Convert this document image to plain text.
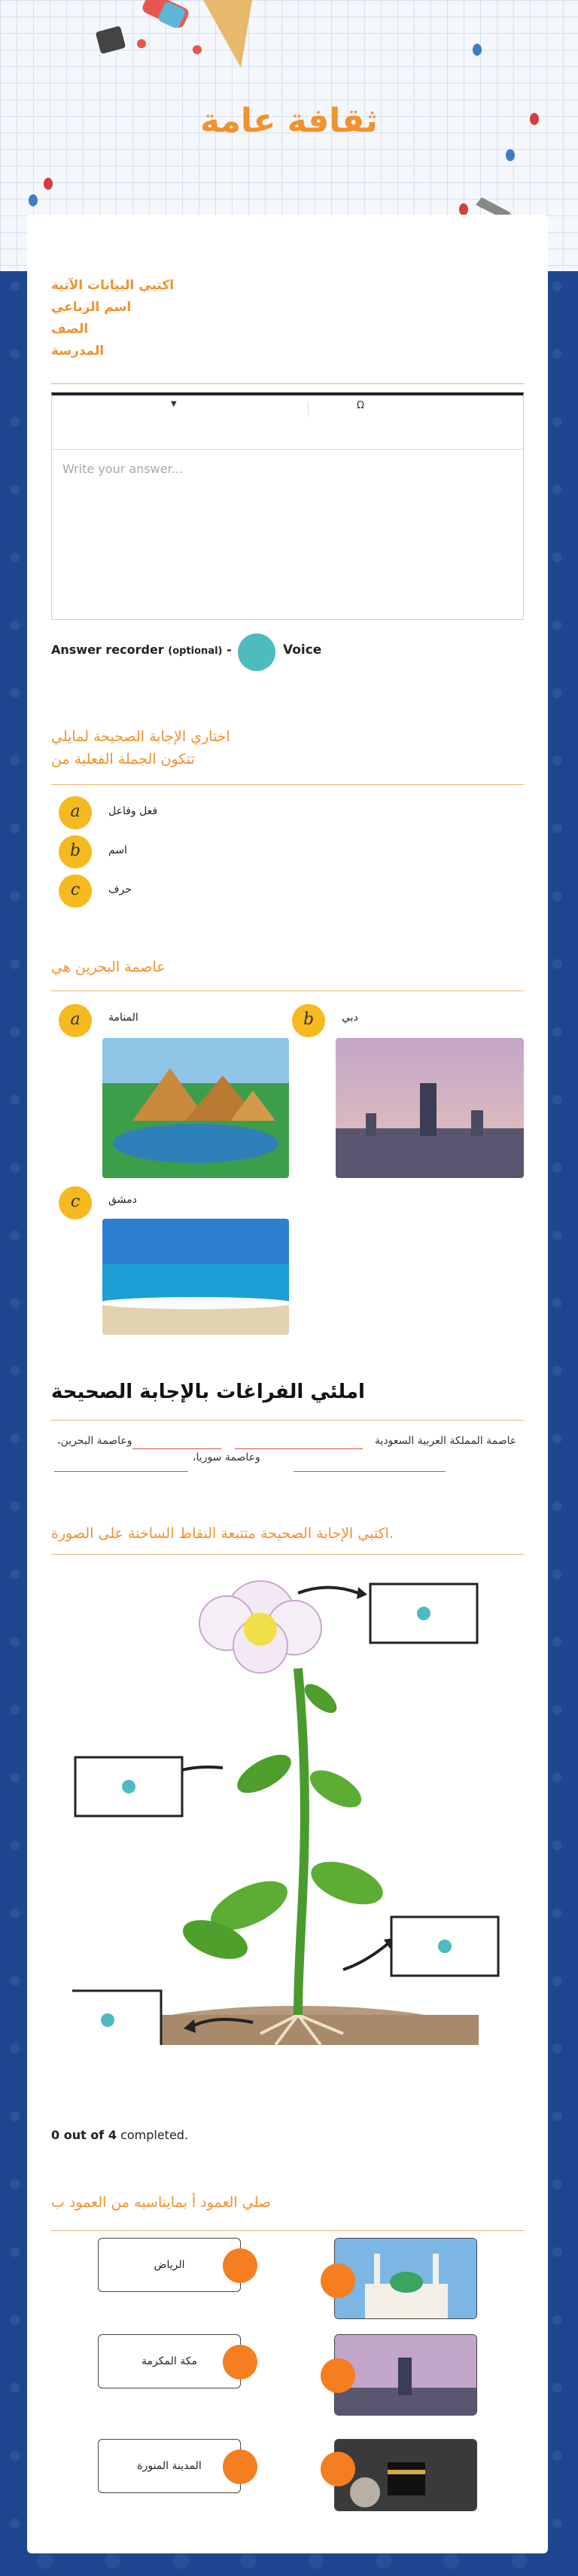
ثقافة عامة
اكتبي البيانات الآتية
اسم الرباعي
الصف
المدرسة
▼	Ω
Write your answer...
Answer recorder (optional) -	Voice
اختاري الإجابة الصحيحة لمايلي
تتكون الجملة الفعلية من
a	فعل وفاعل
b	اسم
c	حرف
عاصمة البحرين هي
a	المنامة	b	دبي
c	دمشق
املئي الفراغات بالإجابة الصحيحة
عاصمة المملكة العربية السعودية
،وعاصمة البحرين
،وعاصمة سوريا
اكتبي الإجابة الصحيحة متتبعة النقاط الساخنة على الصورة.
0 out of 4 completed.
صلي العمود أ بمايناسبه من العمود ب
الرياض
مكة المكرمة
المدينة المنورة
